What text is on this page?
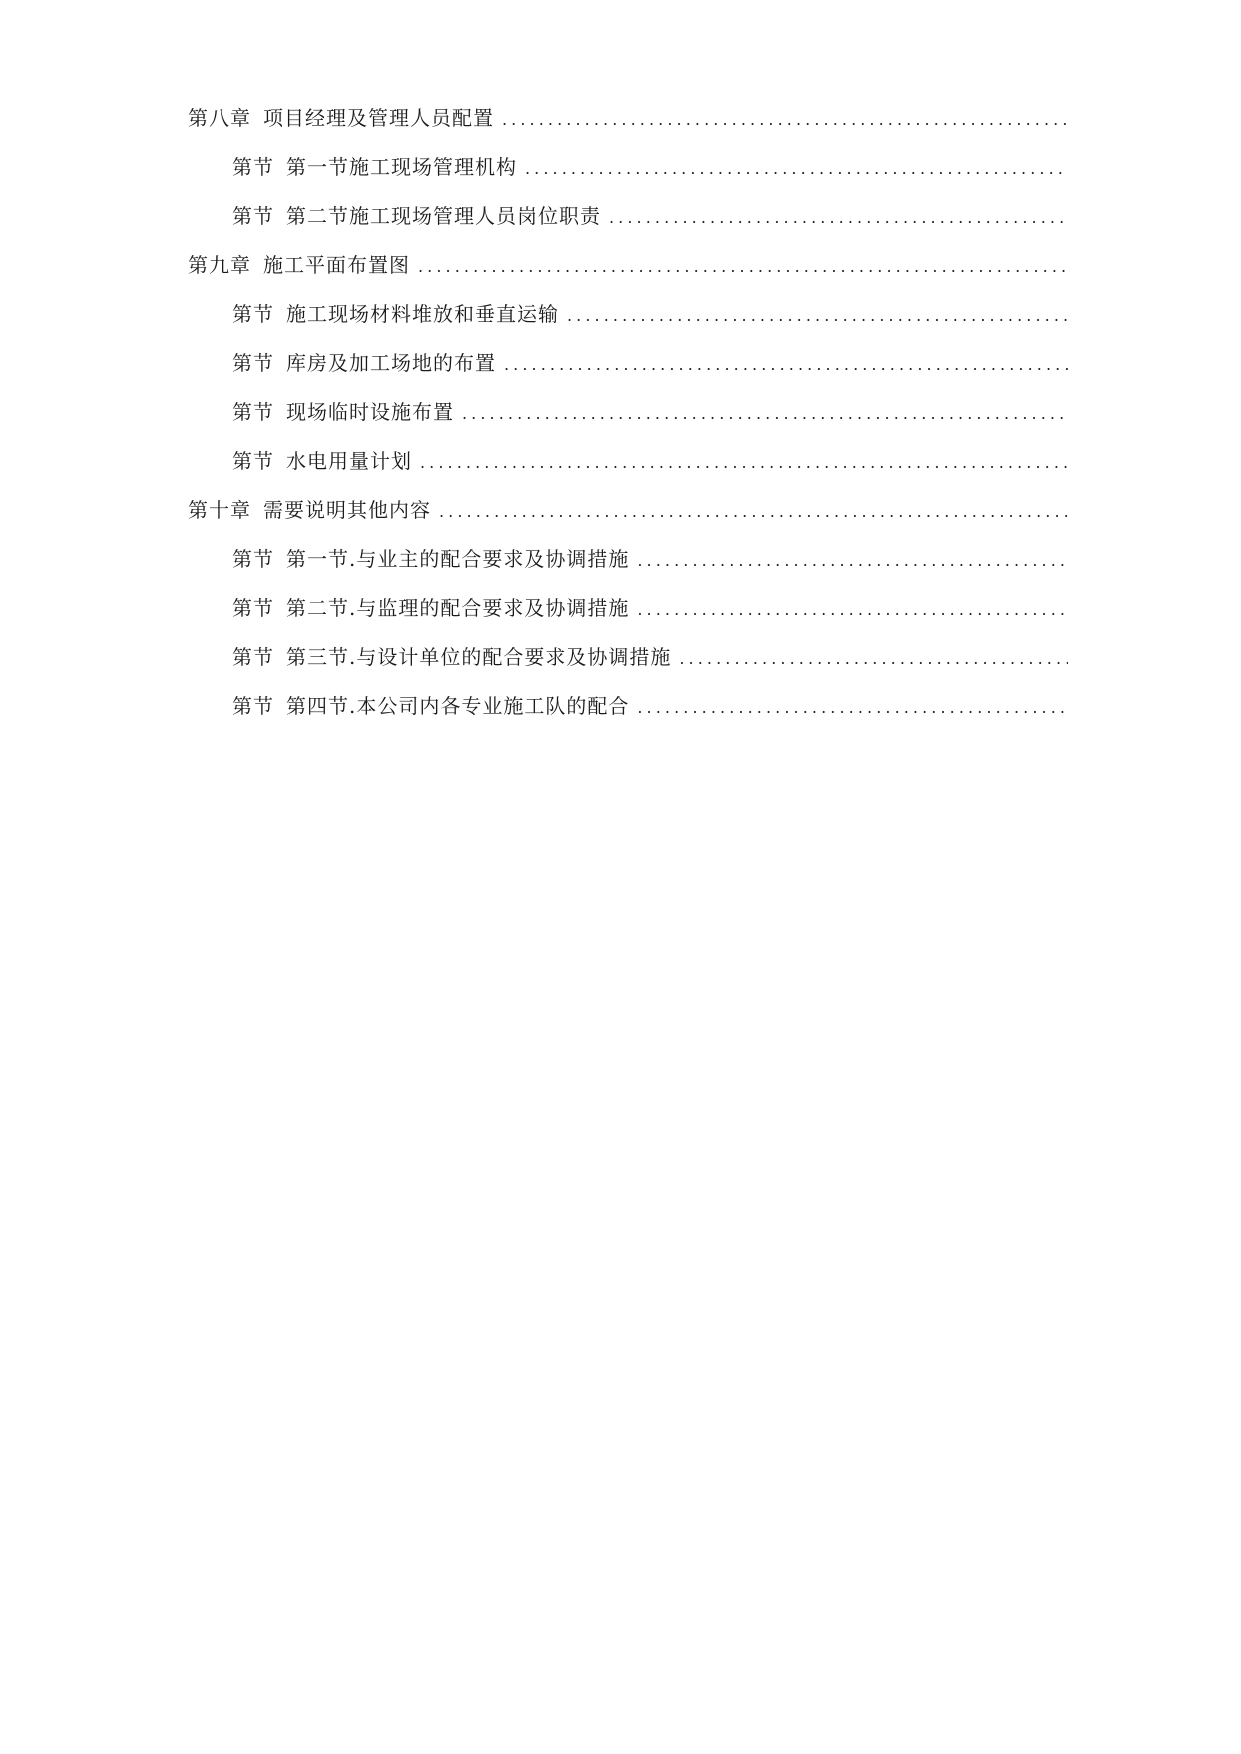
第八章 项目经理及管理人员配置
.....
第节 第一节施工现场管理机构
.....
第节 第二节施工现场管理人员岗位职责
.....
第九章 施工平面布置图
.....
第节 施工现场材料堆放和垂直运输
.....
第节 库房及加工场地的布置
.....
第节 现场临时设施布置
.....
第节 水电用量计划
.....
第十章 需要说明其他内容
.....
第节 第一节.与业主的配合要求及协调措施
.....
第节 第二节.与监理的配合要求及协调措施
.....
第节 第三节.与设计单位的配合要求及协调措施
.....
第节 第四节.本公司内各专业施工队的配合
.....
